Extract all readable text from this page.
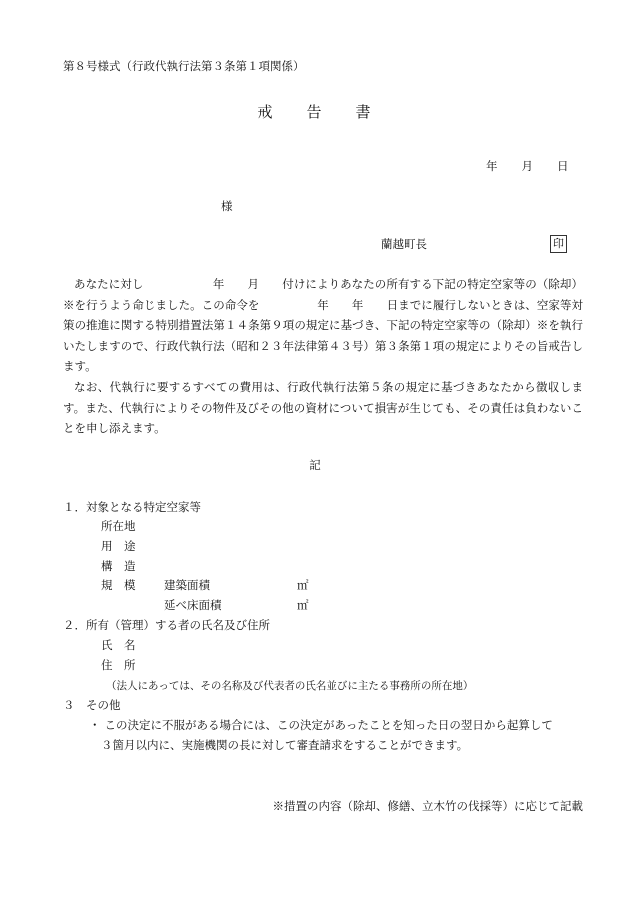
第８号様式（行政代執行法第３条第１項関係）
戒 告 書
年 月 日
様
蘭越町長	印
あなたに対し　　　　　　年　　月　　付けによりあなたの所有する下記の特定空家等の（除却）※を行うよう命じました。この命令を　　　　　年　　年　　日までに履行しないときは、空家等対策の推進に関する特別措置法第１４条第９項の規定に基づき、下記の特定空家等の（除却）※を執行いたしますので、行政代執行法（昭和２３年法律第４３号）第３条第１項の規定によりその旨戒告します。
なお、代執行に要するすべての費用は、行政代執行法第５条の規定に基づきあなたから徴収します。また、代執行によりその物件及びその他の資材について損害が生じても、その責任は負わないことを申し添えます。
記
１．対象となる特定空家等
所在地
用　途
構　造
規　模 建築面積	㎡
延べ床面積	㎡
２．所有（管理）する者の氏名及び住所
氏　名
住　所
（法人にあっては、その名称及び代表者の氏名並びに主たる事務所の所在地）
３　その他
・ この決定に不服がある場合には、この決定があったことを知った日の翌日から起算して
３箇月以内に、実施機関の長に対して審査請求をすることができます。
※措置の内容（除却、修繕、立木竹の伐採等）に応じて記載
